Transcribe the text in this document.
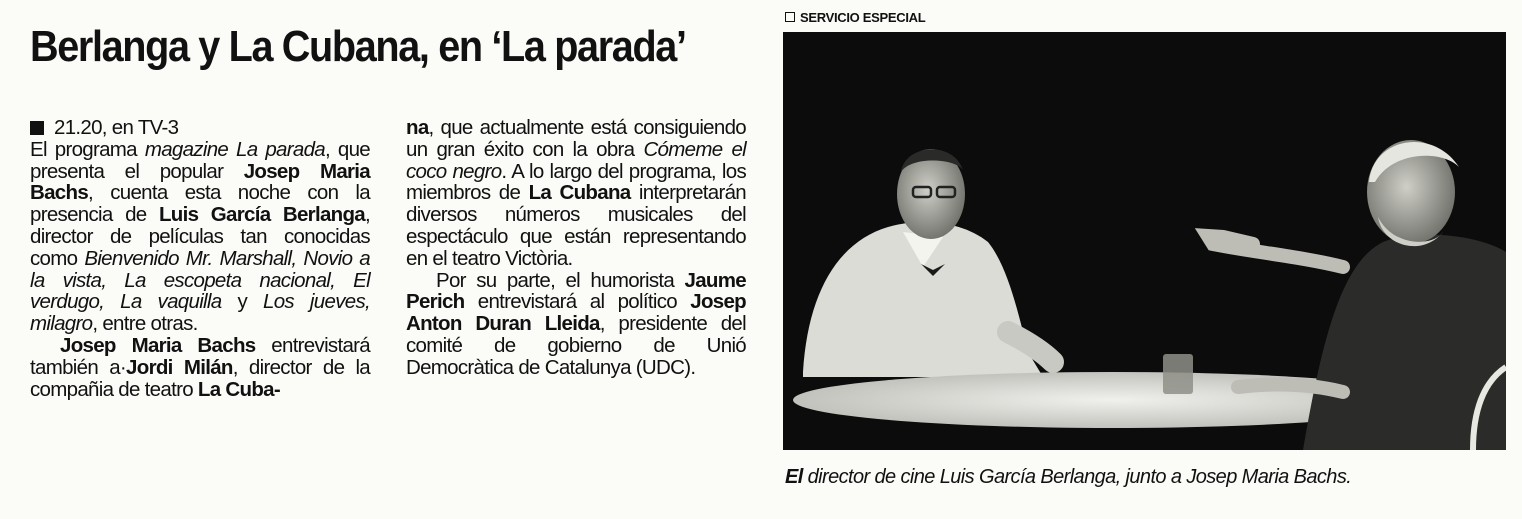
Berlanga y La Cubana, en ‘La parada’

21.20, en TV-3

El programa magazine La parada, que presenta el popular Josep Maria Bachs, cuenta esta noche con la presencia de Luis García Berlanga, director de películas tan conocidas como Bienvenido Mr. Marshall, Novio a la vista, La escopeta nacional, El verdugo, La vaquilla y Los jueves, milagro, entre otras.

Josep Maria Bachs entrevistará también a·Jordi Milán, director de la compañia de teatro La Cuba-

na, que actualmente está consiguiendo un gran éxito con la obra Cómeme el coco negro. A lo largo del programa, los miembros de La Cubana interpretarán diversos números musicales del espectáculo que están representando en el teatro Victòria.

Por su parte, el humorista Jaume Perich entrevistará al político Josep Anton Duran Lleida, presidente del comité de gobierno de Unió Democràtica de Catalunya (UDC).

SERVICIO ESPECIAL

El director de cine Luis García Berlanga, junto a Josep Maria Bachs.
